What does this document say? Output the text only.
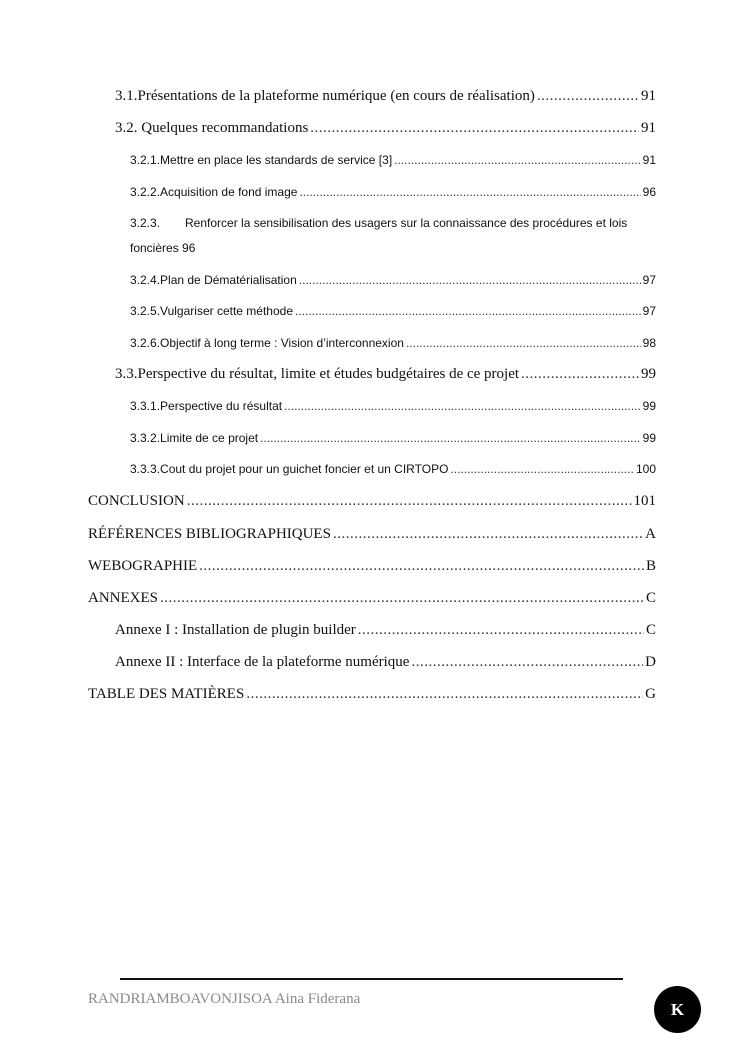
3.1. Présentations de la plateforme numérique (en cours de réalisation) .....	91
3.2. Quelques recommandations .....	91
3.2.1. Mettre en place les standards de service [3] .....	91
3.2.2. Acquisition de fond image .....	96
3.2.3.	Renforcer la sensibilisation des usagers sur la connaissance des procédures et lois
foncières 96
3.2.4. Plan de Dématérialisation .....	97
3.2.5. Vulgariser cette méthode .....	97
3.2.6. Objectif à long terme : Vision d’interconnexion .....	98
3.3. Perspective du résultat, limite et études budgétaires de ce projet .....	99
3.3.1. Perspective du résultat .....	99
3.3.2. Limite de ce projet .....	99
3.3.3. Cout du projet pour un guichet foncier et un CIRTOPO .....	100
CONCLUSION .....	101
RÉFÉRENCES BIBLIOGRAPHIQUES .....	A
WEBOGRAPHIE .....	B
ANNEXES .....	C
Annexe I : Installation de plugin builder .....	C
Annexe II : Interface de la plateforme numérique .....	D
TABLE DES MATIÈRES .....	G
RANDRIAMBOAVONJISOA Aina Fiderana
K
